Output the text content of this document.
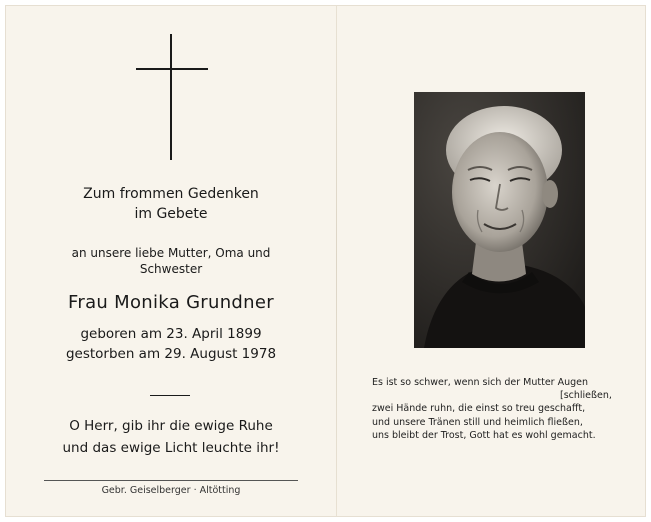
Zum frommen Gedenken
im Gebete
an unsere liebe Mutter, Oma und
Schwester
Frau Monika Grundner
geboren am 23. April 1899
gestorben am 29. August 1978
O Herr, gib ihr die ewige Ruhe
und das ewige Licht leuchte ihr!
Gebr. Geiselberger · Altötting
Es ist so schwer, wenn sich der Mutter Augen
[schließen,
zwei Hände ruhn, die einst so treu geschafft,
und unsere Tränen still und heimlich fließen,
uns bleibt der Trost, Gott hat es wohl gemacht.
